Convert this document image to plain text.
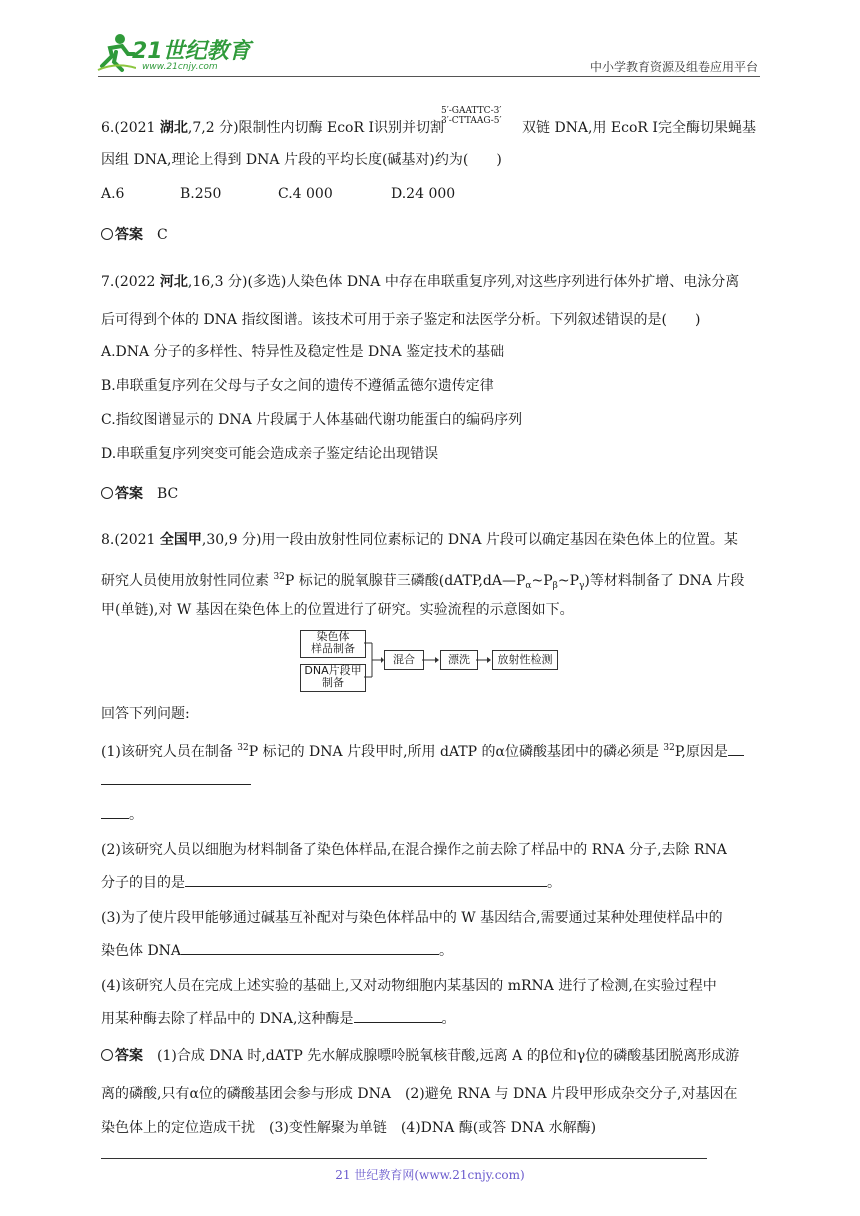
21世纪教育
www.21cnjy.com	中小学教育资源及组卷应用平台
6.(2021 湖北,7,2 分)限制性内切酶 EcoR Ⅰ识别并切割
5′-GAATTC-3′
3′-CTTAAG-5′ 双链 DNA,用 EcoR Ⅰ完全酶切果蝇基
因组 DNA,理论上得到 DNA 片段的平均长度(碱基对)约为(　　)
A.6	B.250	C.4 000	D.24 000
答案　 C
7.(2022 河北,16,3 分)(多选)人染色体 DNA 中存在串联重复序列,对这些序列进行体外扩增、电泳分离
后可得到个体的 DNA 指纹图谱。该技术可用于亲子鉴定和法医学分析。下列叙述错误的是(　　)
A.DNA 分子的多样性、特异性及稳定性是 DNA 鉴定技术的基础
B.串联重复序列在父母与子女之间的遗传不遵循孟德尔遗传定律
C.指纹图谱显示的 DNA 片段属于人体基础代谢功能蛋白的编码序列
D.串联重复序列突变可能会造成亲子鉴定结论出现错误
答案　 BC
8.(2021 全国甲,30,9 分)用一段由放射性同位素标记的 DNA 片段可以确定基因在染色体上的位置。某
研究人员使用放射性同位素 $^{32}$P 标记的脱氧腺苷三磷酸$(dATP,dA—P_\alpha\sim P_\beta\sim P_\gamma)$等材料制备了 DNA 片段
甲(单链),对 W 基因在染色体上的位置进行了研究。实验流程的示意图如下。
染色体
样品制备
DNA片段甲
制备
混合	漂洗	放射性检测
回答下列问题:
(1)该研究人员在制备 $^{32}$P 标记的 DNA 片段甲时,所用 dATP 的α位磷酸基团中的磷必须是 $^{32}$P,原因是
。
(2)该研究人员以细胞为材料制备了染色体样品,在混合操作之前去除了样品中的 RNA 分子,去除 RNA
分子的目的是	。
(3)为了使片段甲能够通过碱基互补配对与染色体样品中的 W 基因结合,需要通过某种处理使样品中的
染色体 DNA	。
(4)该研究人员在完成上述实验的基础上,又对动物细胞内某基因的 mRNA 进行了检测,在实验过程中
用某种酶去除了样品中的 DNA,这种酶是	。
答案　 (1)合成 DNA 时,dATP 先水解成腺嘌呤脱氧核苷酸,远离 A 的β位和γ位的磷酸基团脱离形成游
离的磷酸,只有α位的磷酸基团会参与形成 DNA　(2)避免 RNA 与 DNA 片段甲形成杂交分子,对基因在
染色体上的定位造成干扰　(3)变性解聚为单链　(4)DNA 酶(或答 DNA 水解酶)
21 世纪教育网(www.21cnjy.com)
